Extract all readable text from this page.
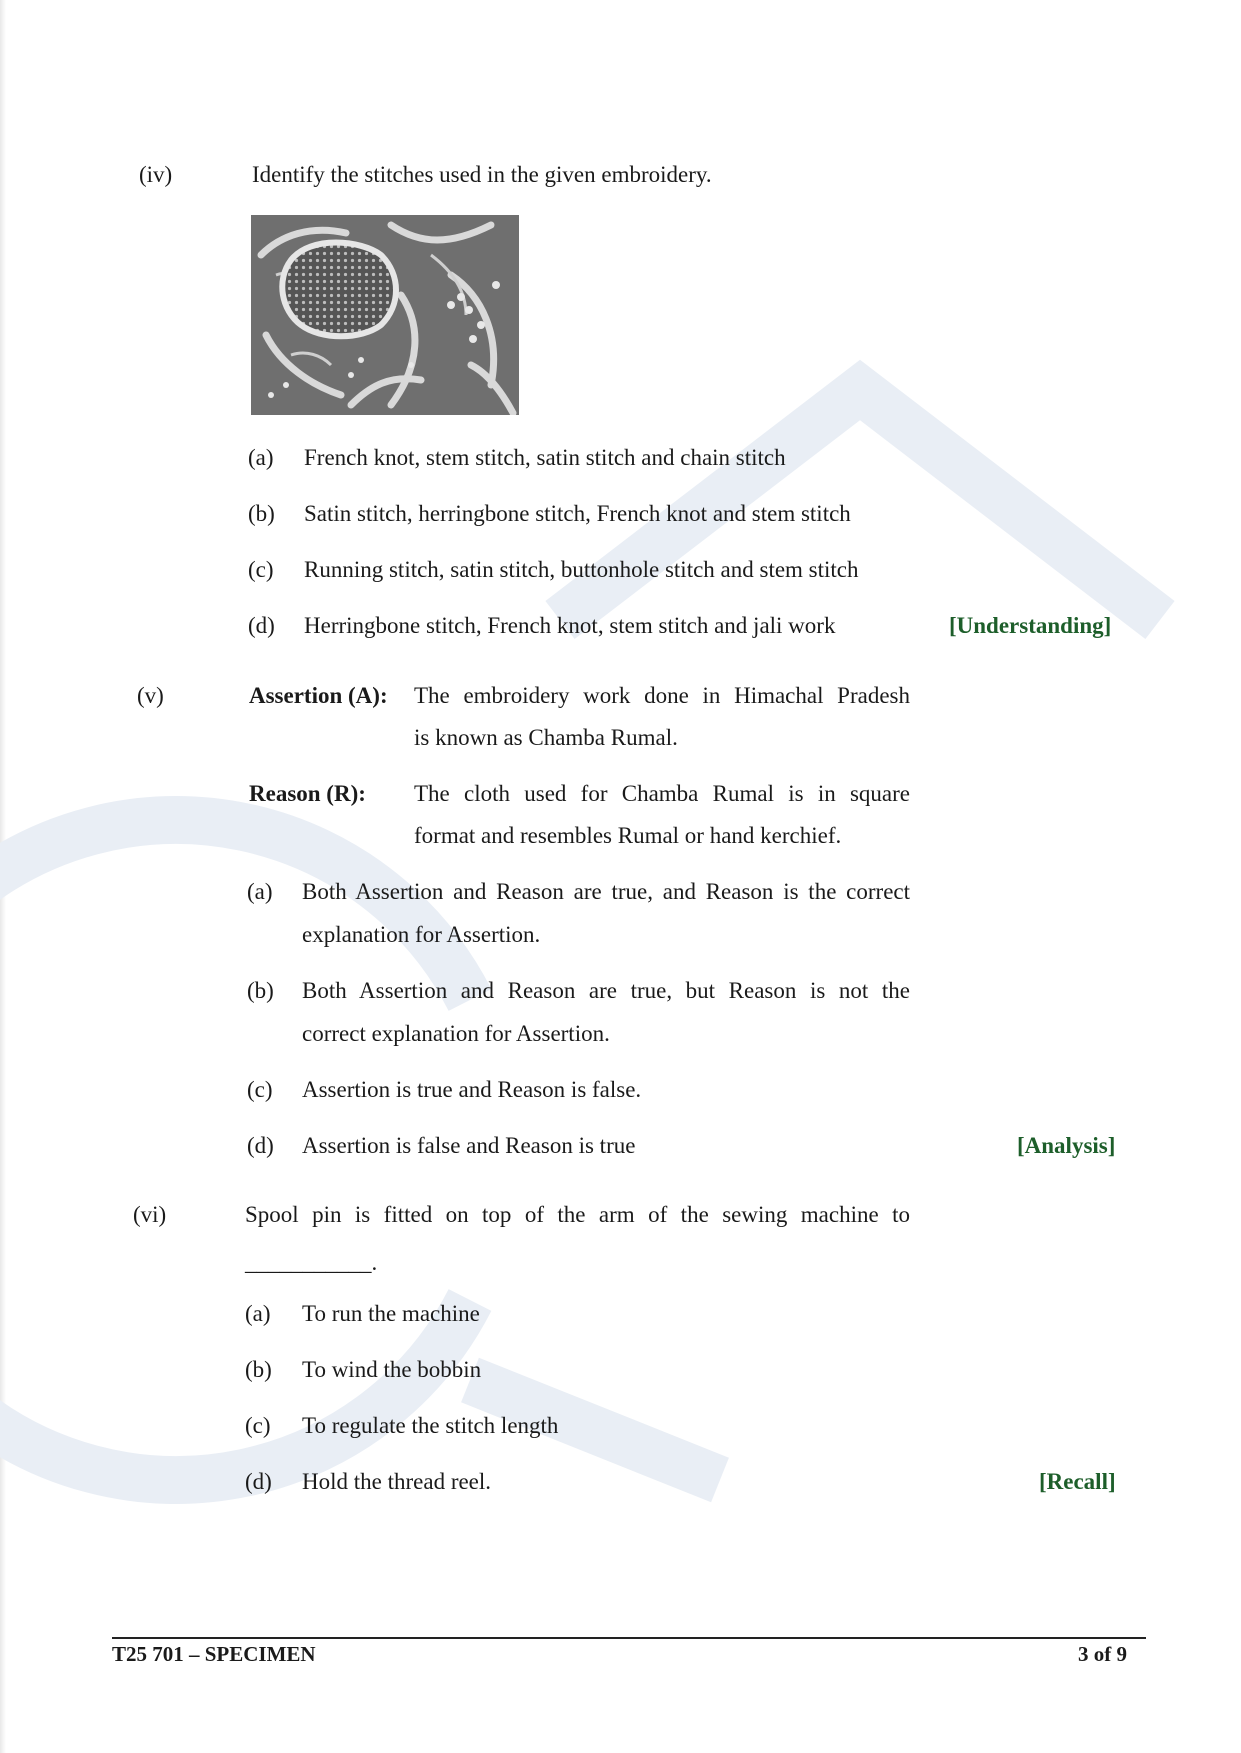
(iv)	Identify the stitches used in the given embroidery.
(a) French knot, stem stitch, satin stitch and chain stitch
(b) Satin stitch, herringbone stitch, French knot and stem stitch
(c) Running stitch, satin stitch, buttonhole stitch and stem stitch
(d) Herringbone stitch, French knot, stem stitch and jali work	[Understanding]
(v)	Assertion (A): The embroidery work done in Himachal Pradesh
is known as Chamba Rumal.
Reason (R): The cloth used for Chamba Rumal is in square
format and resembles Rumal or hand kerchief.
(a) Both Assertion and Reason are true, and Reason is the correct
explanation for Assertion.
(b) Both Assertion and Reason are true, but Reason is not the
correct explanation for Assertion.
(c) Assertion is true and Reason is false.
(d) Assertion is false and Reason is true	[Analysis]
(vi)	Spool pin is fitted on top of the arm of the sewing machine to
___________.
(a) To run the machine
(b) To wind the bobbin
(c) To regulate the stitch length
(d) Hold the thread reel.	[Recall]
T25 701 – SPECIMEN	3 of 9
